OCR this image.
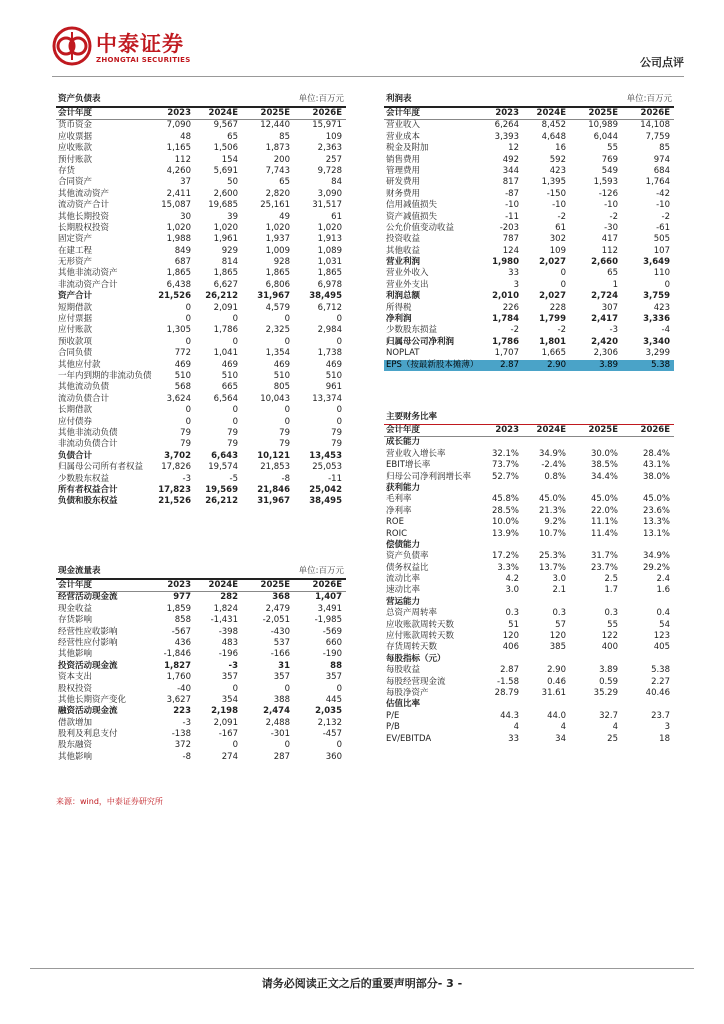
中泰证券
ZHONGTAI SECURITIES	公司点评
资产负债表	单位:百万元
会计年度	2023	2024E	2025E	2026E
货币资金	7,090	9,567	12,440	15,971
应收票据	48	65	85	109
应收账款	1,165	1,506	1,873	2,363
预付账款	112	154	200	257
存货	4,260	5,691	7,743	9,728
合同资产	37	50	65	84
其他流动资产	2,411	2,600	2,820	3,090
流动资产合计	15,087	19,685	25,161	31,517
其他长期投资	30	39	49	61
长期股权投资	1,020	1,020	1,020	1,020
固定资产	1,988	1,961	1,937	1,913
在建工程	849	929	1,009	1,089
无形资产	687	814	928	1,031
其他非流动资产	1,865	1,865	1,865	1,865
非流动资产合计	6,438	6,627	6,806	6,978
资产合计	21,526	26,212	31,967	38,495
短期借款	0	2,091	4,579	6,712
应付票据	0	0	0	0
应付账款	1,305	1,786	2,325	2,984
预收款项	0	0	0	0
合同负债	772	1,041	1,354	1,738
其他应付款	469	469	469	469
一年内到期的非流动负债	510	510	510	510
其他流动负债	568	665	805	961
流动负债合计	3,624	6,564	10,043	13,374
长期借款	0	0	0	0
应付债券	0	0	0	0
其他非流动负债	79	79	79	79
非流动负债合计	79	79	79	79
负债合计	3,702	6,643	10,121	13,453
归属母公司所有者权益	17,826	19,574	21,853	25,053
少数股东权益	-3	-5	-8	-11
所有者权益合计	17,823	19,569	21,846	25,042
负债和股东权益	21,526	26,212	31,967	38,495
现金流量表	单位:百万元
会计年度	2023	2024E	2025E	2026E
经营活动现金流	977	282	368	1,407
现金收益	1,859	1,824	2,479	3,491
存货影响	858	-1,431	-2,051	-1,985
经营性应收影响	-567	-398	-430	-569
经营性应付影响	436	483	537	660
其他影响	-1,846	-196	-166	-190
投资活动现金流	1,827	-3	31	88
资本支出	1,760	357	357	357
股权投资	-40	0	0	0
其他长期资产变化	3,627	354	388	445
融资活动现金流	223	2,198	2,474	2,035
借款增加	-3	2,091	2,488	2,132
股利及利息支付	-138	-167	-301	-457
股东融资	372	0	0	0
其他影响	-8	274	287	360
利润表	单位:百万元
会计年度	2023	2024E	2025E	2026E
营业收入	6,264	8,452	10,989	14,108
营业成本	3,393	4,648	6,044	7,759
税金及附加	12	16	55	85
销售费用	492	592	769	974
管理费用	344	423	549	684
研发费用	817	1,395	1,593	1,764
财务费用	-87	-150	-126	-42
信用减值损失	-10	-10	-10	-10
资产减值损失	-11	-2	-2	-2
公允价值变动收益	-203	61	-30	-61
投资收益	787	302	417	505
其他收益	124	109	112	107
营业利润	1,980	2,027	2,660	3,649
营业外收入	33	0	65	110
营业外支出	3	0	1	0
利润总额	2,010	2,027	2,724	3,759
所得税	226	228	307	423
净利润	1,784	1,799	2,417	3,336
少数股东损益	-2	-2	-3	-4
归属母公司净利润	1,786	1,801	2,420	3,340
NOPLAT	1,707	1,665	2,306	3,299
EPS（按最新股本摊薄）	2.87	2.90	3.89	5.38
主要财务比率
会计年度	2023	2024E	2025E	2026E
成长能力
营业收入增长率	32.1%	34.9%	30.0%	28.4%
EBIT增长率	73.7%	-2.4%	38.5%	43.1%
归母公司净利润增长率	52.7%	0.8%	34.4%	38.0%
获利能力
毛利率	45.8%	45.0%	45.0%	45.0%
净利率	28.5%	21.3%	22.0%	23.6%
ROE	10.0%	9.2%	11.1%	13.3%
ROIC	13.9%	10.7%	11.4%	13.1%
偿债能力
资产负债率	17.2%	25.3%	31.7%	34.9%
债务权益比	3.3%	13.7%	23.7%	29.2%
流动比率	4.2	3.0	2.5	2.4
速动比率	3.0	2.1	1.7	1.6
营运能力
总资产周转率	0.3	0.3	0.3	0.4
应收账款周转天数	51	57	55	54
应付账款周转天数	120	120	122	123
存货周转天数	406	385	400	405
每股指标（元）
每股收益	2.87	2.90	3.89	5.38
每股经营现金流	-1.58	0.46	0.59	2.27
每股净资产	28.79	31.61	35.29	40.46
估值比率
P/E	44.3	44.0	32.7	23.7
P/B	4	4	4	3
EV/EBITDA	33	34	25	18
来源：wind，中泰证券研究所
请务必阅读正文之后的重要声明部分- 3 -
